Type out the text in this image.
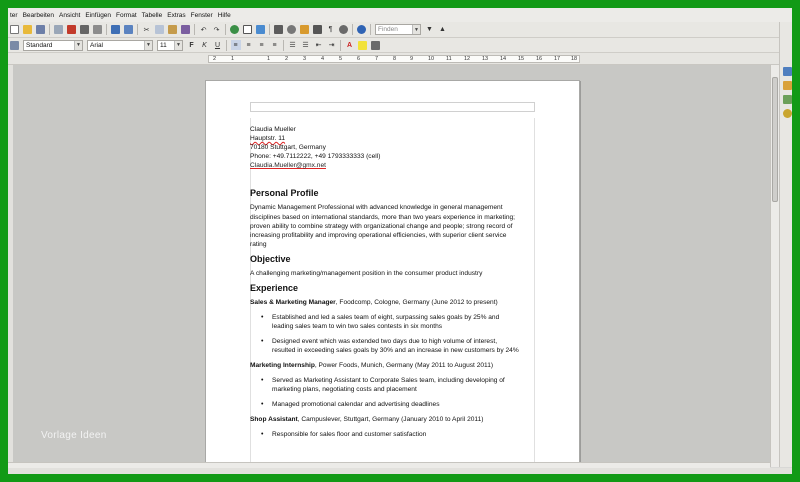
ter Bearbeiten Ansicht Einfügen Format Tabelle Extras Fenster Hilfe
✂	↶ ↷	¶	Finden	▼ ▼ ▲
Standard	▼ Arial	▼ 11	▼	F	K	U	≡	≡	≡	≡	☰ ☰ ⇤ ⇥	A
2	1	1	2	3	4	5	6	7	8	9	10 11 12 13 14 15 16 17 18
Claudia Mueller
Hauptstr. 11
70180 Stuttgart, Germany
Phone: +49.7112222, +49 1793333333 (cell)
Claudia.Mueller@gmx.net
Personal Profile
Dynamic Management Professional with advanced knowledge in general management
disciplines based on international standards, more than two years experience in marketing;
proven ability to combine strategy with organizational change and people; strong record of
increasing profitability and improving operational efficiencies, with superior client service
rating
Objective
A challenging marketing/management position in the consumer product industry
Experience
Sales & Marketing Manager, Foodcomp, Cologne, Germany (June 2012 to present)
• Established and led a sales team of eight, surpassing sales goals by 25% and
leading sales team to win two sales contests in six months
• Designed event which was extended two days due to high volume of interest,
resulted in exceeding sales goals by 30% and an increase in new customers by 24%
Marketing Internship, Power Foods, Munich, Germany (May 2011 to August 2011)
• Served as Marketing Assistant to Corporate Sales team, including developing of
marketing plans, negotiating costs and placement
• Managed promotional calendar and advertising deadlines
Shop Assistant, Campuslever, Stuttgart, Germany (January 2010 to April 2011)
• Responsible for sales floor and customer satisfaction
Vorlage Ideen
